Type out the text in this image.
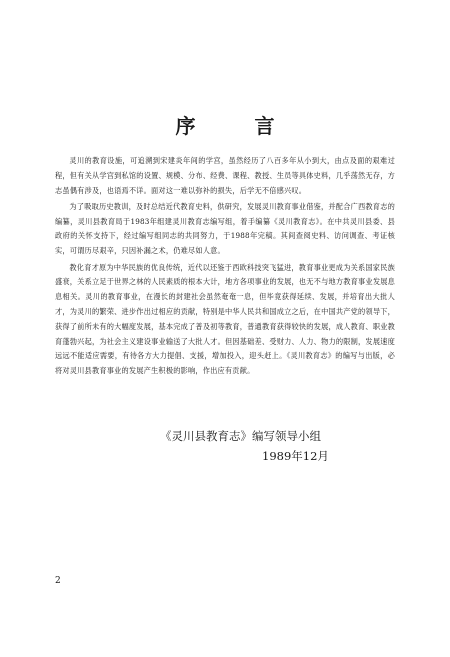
序 言

灵川的教育设施，可追溯到宋建炎年间的学宫，虽然经历了八百多年从小到大，由点及面的艰难过程，但有关从学宫到私馆的设置、规模、分布、经费、课程、教授、生员等具体史料，几乎荡然无存，方志虽偶有涉及，也语焉不详。面对这一难以弥补的损失，后学无不倍感兴叹。

为了吸取历史教训，及时总结近代教育史料，供研究，发展灵川教育事业借鉴，并配合广西教育志的编纂，灵川县教育局于1983年组建灵川教育志编写组，着手编纂《灵川教育志》。在中共灵川县委、县政府的关怀支持下，经过编写组同志的共同努力，于1988年完稿。其间查阅史料、访问调查、考证核实，可谓历尽艰辛，只因补漏之术，仍难尽如人意。

教化育才原为中华民族的优良传统，近代以还鉴于西欧科技突飞猛进，教育事业更成为关系国家民族盛衰，关系立足于世界之林的人民素质的根本大计，地方各项事业的发展，也无不与地方教育事业发展息息相关。灵川的教育事业，在漫长的封建社会虽然奄奄一息，但毕竟获得延续、发展，并培育出大批人才，为灵川的繁荣、进步作出过相应的贡献，特别是中华人民共和国成立之后，在中国共产党的领导下，获得了前所未有的大幅度发展，基本完成了普及初等教育，普通教育获得较快的发展，成人教育、职业教育蓬勃兴起，为社会主义建设事业输送了大批人才。但因基础差、受财力、人力、物力的限制，发展速度远远不能适应需要，有待各方大力提倡、支援，增加投入，迎头赶上。《灵川教育志》的编写与出版，必将对灵川县教育事业的发展产生积极的影响，作出应有贡献。

《灵川县教育志》编写领导小组
1989年12月
2
